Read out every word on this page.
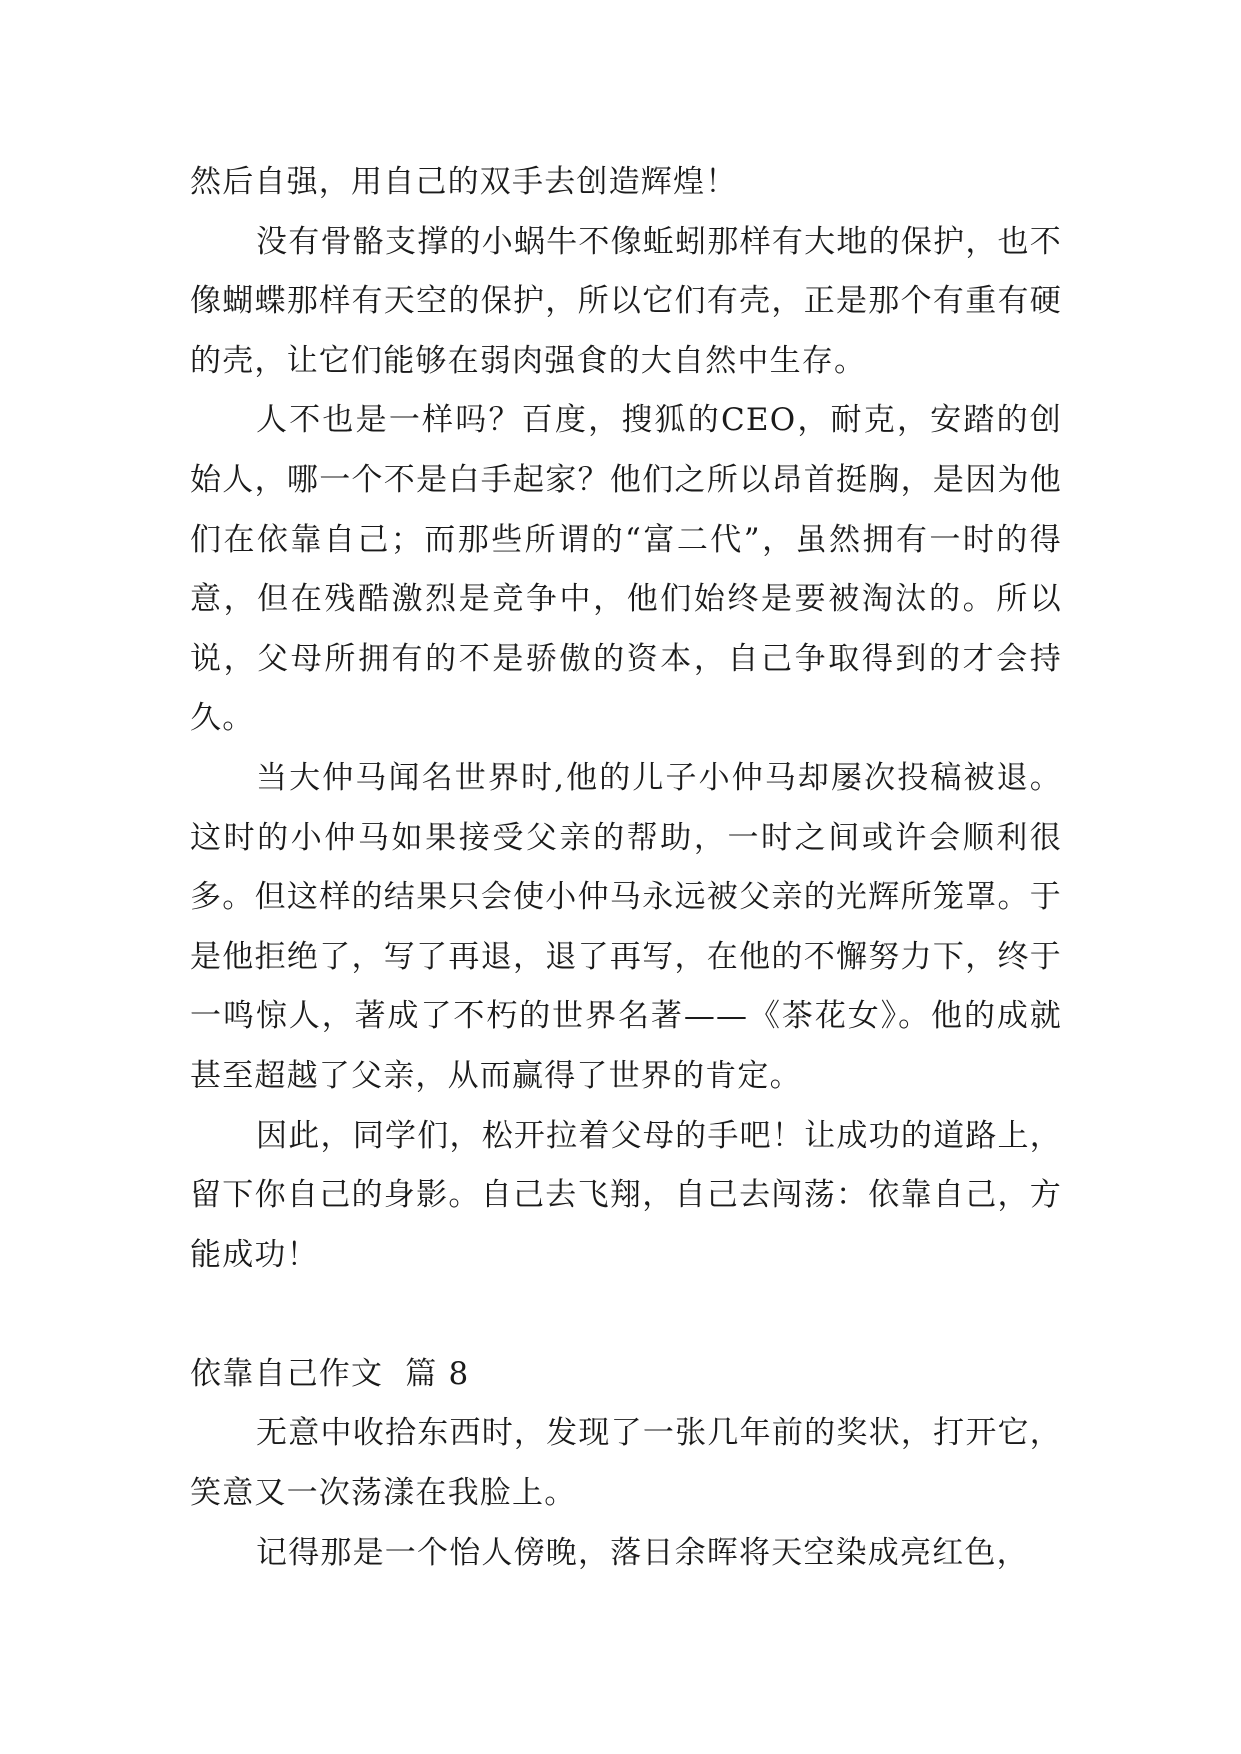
然后自强，用自己的双手去创造辉煌！

没有骨骼支撑的小蜗牛不像蚯蚓那样有大地的保护，也不像蝴蝶那样有天空的保护，所以它们有壳，正是那个有重有硬的壳，让它们能够在弱肉强食的大自然中生存。

人不也是一样吗？百度，搜狐的CEO，耐克，安踏的创始人，哪一个不是白手起家？他们之所以昂首挺胸，是因为他们在依靠自己；而那些所谓的“富二代”，虽然拥有一时的得意，但在残酷激烈是竞争中，他们始终是要被淘汰的。所以说，父母所拥有的不是骄傲的资本，自己争取得到的才会持久。

当大仲马闻名世界时,他的儿子小仲马却屡次投稿被退。这时的小仲马如果接受父亲的帮助，一时之间或许会顺利很多。但这样的结果只会使小仲马永远被父亲的光辉所笼罩。于是他拒绝了，写了再退，退了再写，在他的不懈努力下，终于一鸣惊人，著成了不朽的世界名著——《茶花女》。他的成就甚至超越了父亲，从而赢得了世界的肯定。

因此，同学们，松开拉着父母的手吧！让成功的道路上，留下你自己的身影。自己去飞翔，自己去闯荡：依靠自己，方能成功！

依靠自己作文  篇 8

无意中收拾东西时，发现了一张几年前的奖状，打开它，笑意又一次荡漾在我脸上。

记得那是一个怡人傍晚，落日余晖将天空染成亮红色，
